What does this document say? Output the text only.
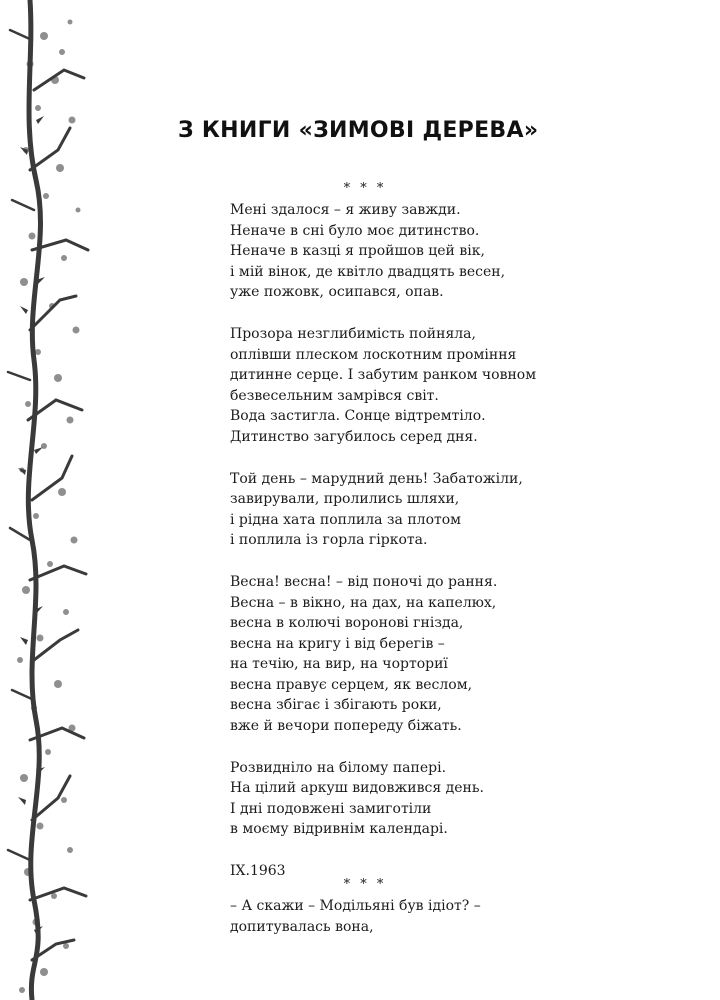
З КНИГИ «ЗИМОВІ ДЕРЕВА»
* * *
Мені здалося – я живу завжди.
Неначе в сні було моє дитинство.
Неначе в казці я пройшов цей вік,
і мій вінок, де квітло двадцять весен,
уже пожовк, осипався, опав.
Прозора незглибимість пойняла,
оплівши плеском лоскотним проміння
дитинне серце. І забутим ранком човном
безвесельним замрівся світ.
Вода застигла. Сонце відтремтіло.
Дитинство загубилось серед дня.
Той день – марудний день! Забатожіли,
завирували, пролились шляхи,
і рідна хата поплила за плотом
і поплила із горла гіркота.
Весна! весна! – від поночі до рання.
Весна – в вікно, на дах, на капелюх,
весна в колючі воронові гнізда,
весна на кригу і від берегів –
на течію, на вир, на чорториї
весна правує серцем, як веслом,
весна збігає і збігають роки,
вже й вечори попереду біжать.
Розвидніло на білому папері.
На цілий аркуш видовжився день.
І дні подовжені замиготіли
в моєму відривнім календарі.
IX.1963
* * *
– А скажи – Модільяні був ідіот? –
допитувалась вона,
